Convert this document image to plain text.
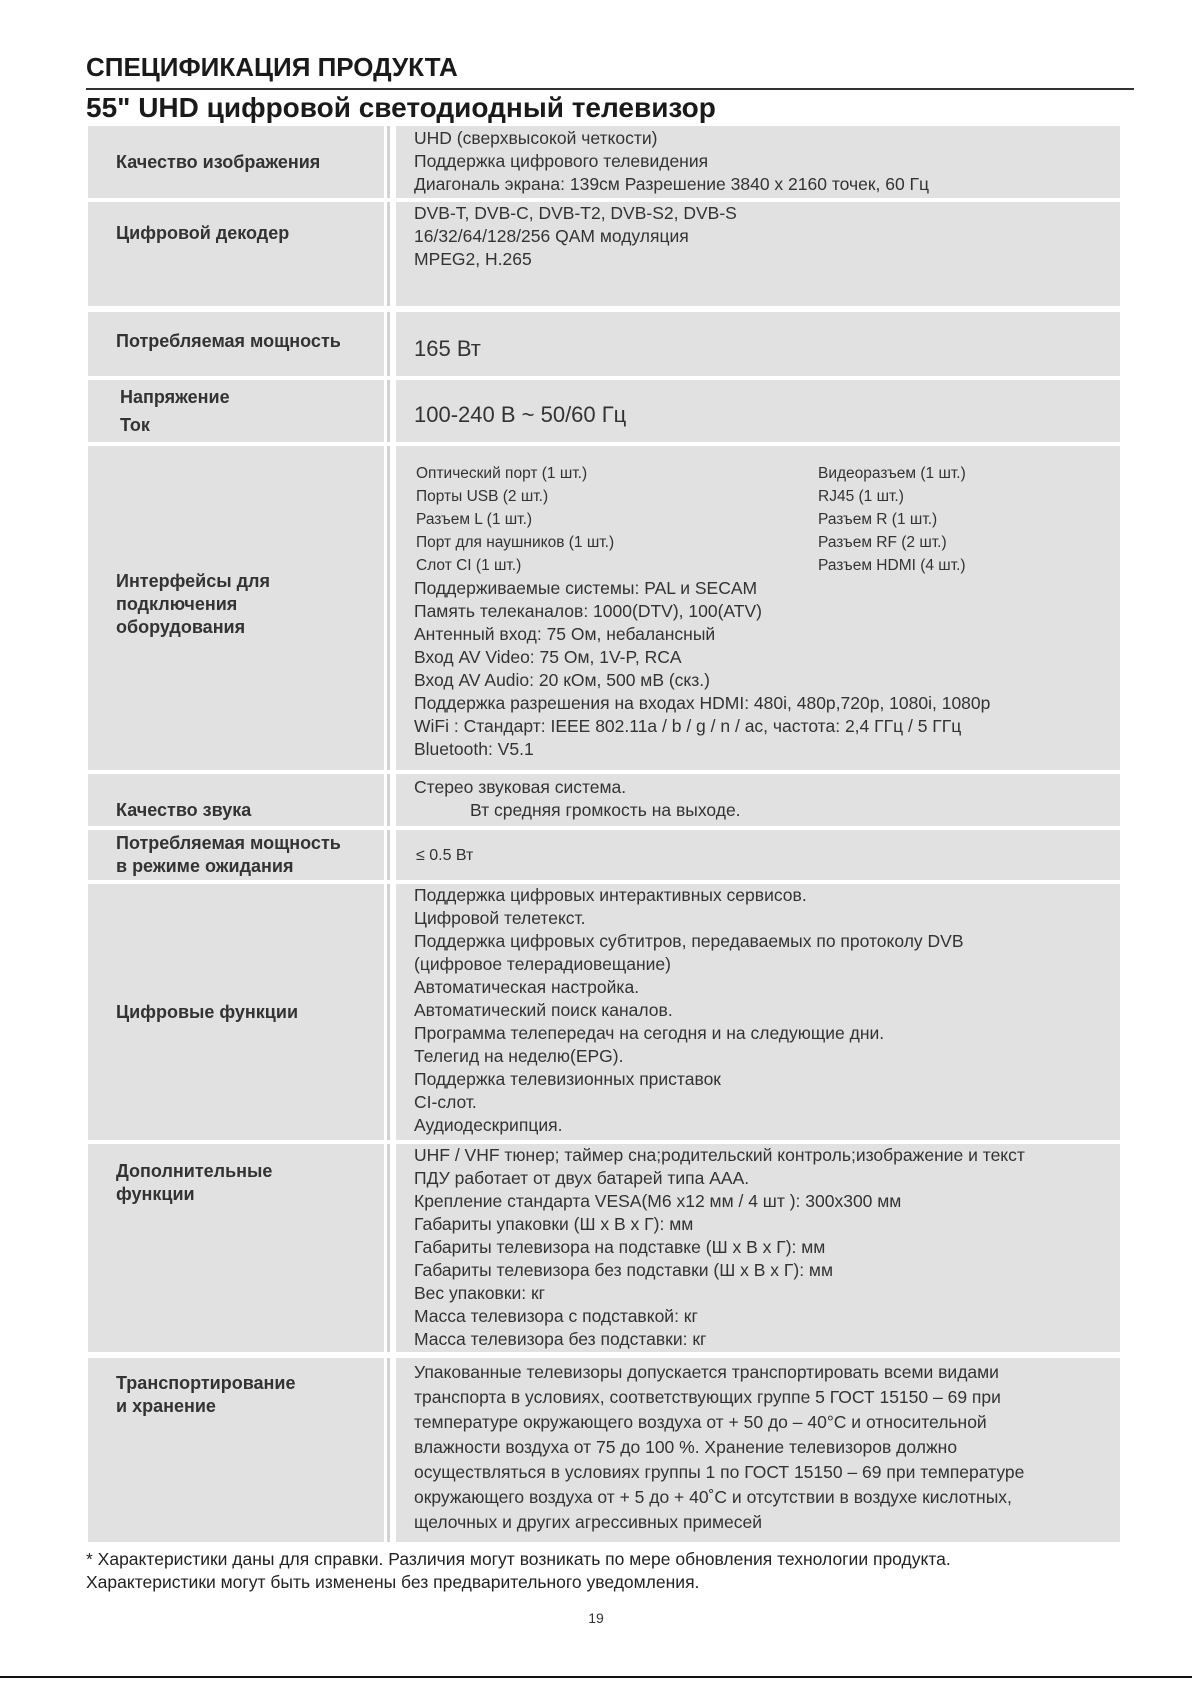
СПЕЦИФИКАЦИЯ ПРОДУКТА
55" UHD цифровой светодиодный телевизор
Качество изображения
UHD (сверхвысокой четкости)
Поддержка цифрового телевидения
Диагональ экрана: 139см Разрешение 3840 х 2160 точек, 60 Гц
Цифровой декодер
DVB-T, DVB-C, DVB-T2, DVB-S2, DVB-S
16/32/64/128/256 QAM модуляция
MPEG2, H.265
Потребляемая мощность	165 Вт
Напряжение
Ток	100-240 В ~ 50/60 Гц
Интерфейсы для
подключения
оборудования
Оптический порт (1 шт.)
Порты USB (2 шт.)
Разъем L (1 шт.)
Порт для наушников (1 шт.)
Слот CI (1 шт.)
Видеоразъем (1 шт.)
RJ45 (1 шт.)
Разъем R (1 шт.)
Разъем RF (2 шт.)
Разъем HDMI (4 шт.)
Поддерживаемые системы: PAL и SECAM
Память телеканалов: 1000(DTV), 100(ATV)
Антенный вход: 75 Ом, небалансный
Вход AV Video: 75 Ом, 1V-P, RCA
Вход AV Audio: 20 кОм, 500 мВ (скз.)
Поддержка разрешения на входах HDMI: 480i, 480p,720p, 1080i, 1080p
WiFi : Стандарт: IEEE 802.11a / b / g / n / ac, частота: 2,4 ГГц / 5 ГГц
Bluetooth: V5.1
Качество звука
Стерео звуковая система.
Вт средняя громкость на выходе.
Потребляемая мощность
в режиме ожидания
≤ 0.5 Вт
Цифровые функции
Поддержка цифровых интерактивных сервисов.
Цифровой телетекст.
Поддержка цифровых субтитров, передаваемых по протоколу DVB
(цифровое телерадиовещание)
Автоматическая настройка.
Автоматический поиск каналов.
Программа телепередач на сегодня и на следующие дни.
Телегид на неделю(EPG).
Поддержка телевизионных приставок
CI-слот.
Аудиодескрипция.
Дополнительные
функции
UHF / VHF тюнер; таймер сна;родительский контроль;изображение и текст
ПДУ работает от двух батарей типа ААА.
Крепление стандарта VESA(M6 x12 мм / 4 шт ): 300х300 мм
Габариты упаковки (Ш х В х Г): мм
Габариты телевизора на подставке (Ш х В х Г): мм
Габариты телевизора без подставки (Ш х В х Г): мм
Вес упаковки: кг
Масса телевизора с подставкой: кг
Масса телевизора без подставки: кг
Транспортирование
и хранение
Упакованные телевизоры допускается транспортировать всеми видами
транспорта в условиях, соответствующих группе 5 ГОСТ 15150 – 69 при
температуре окружающего воздуха от + 50 до – 40°С и относительной
влажности воздуха от 75 до 100 %. Хранение телевизоров должно
осуществляться в условиях группы 1 по ГОСТ 15150 – 69 при температуре
окружающего воздуха от + 5 до + 40˚С и отсутствии в воздухе кислотных,
щелочных и других агрессивных примесей
* Характеристики даны для справки. Различия могут возникать по мере обновления технологии продукта.
Характеристики могут быть изменены без предварительного уведомления.
19
